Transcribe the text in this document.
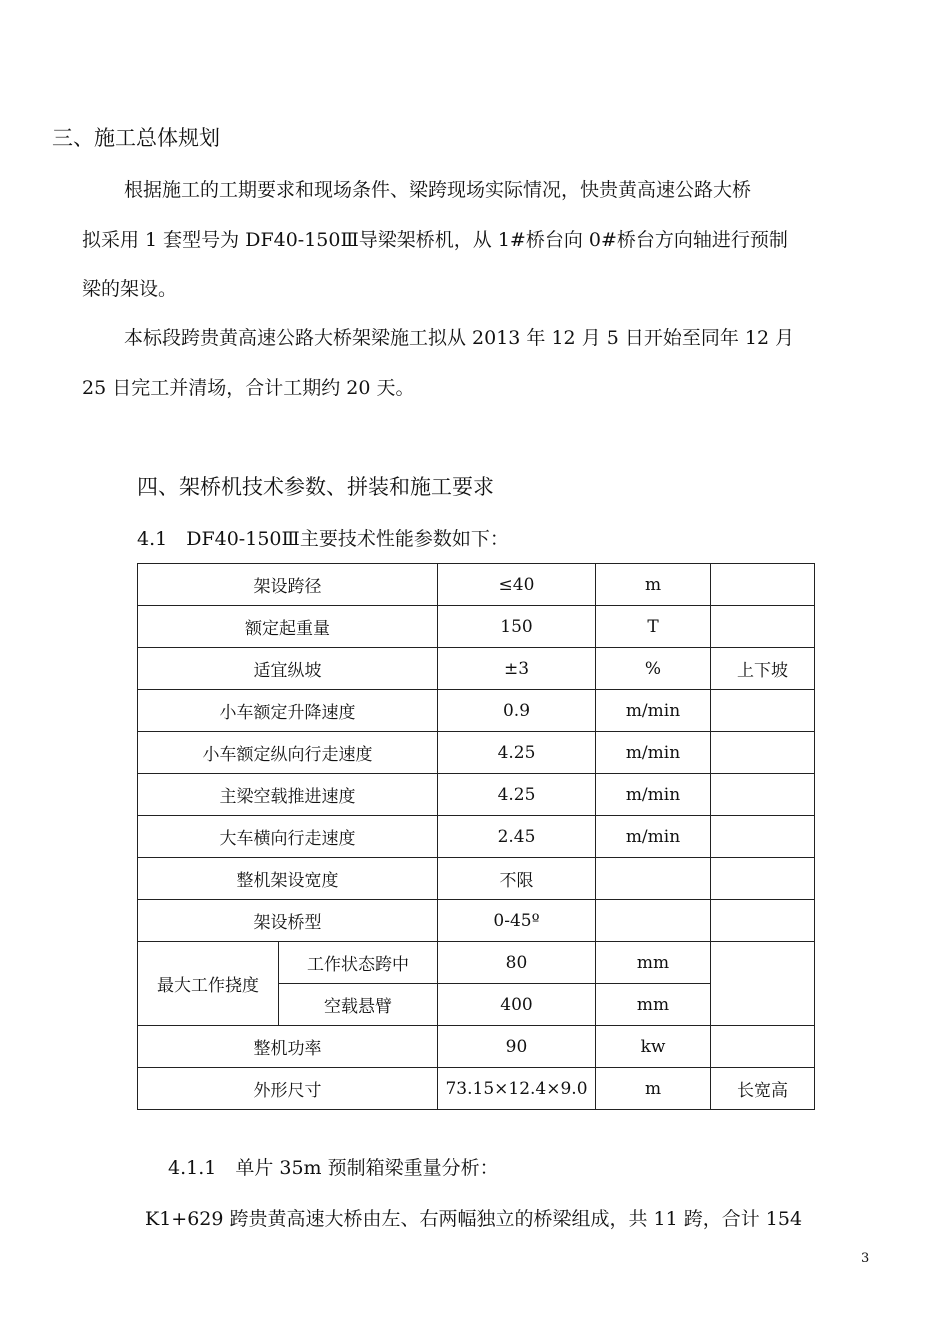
三、施工总体规划
根据施工的工期要求和现场条件、梁跨现场实际情况，快贵黄高速公路大桥
拟采用 1 套型号为 DF40-150Ⅲ导梁架桥机，从 1#桥台向 0#桥台方向轴进行预制
梁的架设。
本标段跨贵黄高速公路大桥架梁施工拟从 2013 年 12 月 5 日开始至同年 12 月
25 日完工并清场，合计工期约 20 天。
四、架桥机技术参数、拼装和施工要求
4.1　DF40-150Ⅲ主要技术性能参数如下：
架设跨径		≤40	m	
额定起重量		150	T	
适宜纵坡		±3	%	上下坡
小车额定升降速度		0.9	m/min	
小车额定纵向行走速度		4.25	m/min	
主梁空载推进速度		4.25	m/min	
大车横向行走速度		2.45	m/min	
整机架设宽度		不限		
架设桥型		0-45º		
最大工作挠度	工作状态跨中	80	mm	
	空载悬臂	400	mm	
整机功率		90	kw	
外形尺寸		73.15×12.4×9.0	m	长宽高
4.1.1　单片 35m 预制箱梁重量分析：
K1+629 跨贵黄高速大桥由左、右两幅独立的桥梁组成，共 11 跨，合计 154
3
